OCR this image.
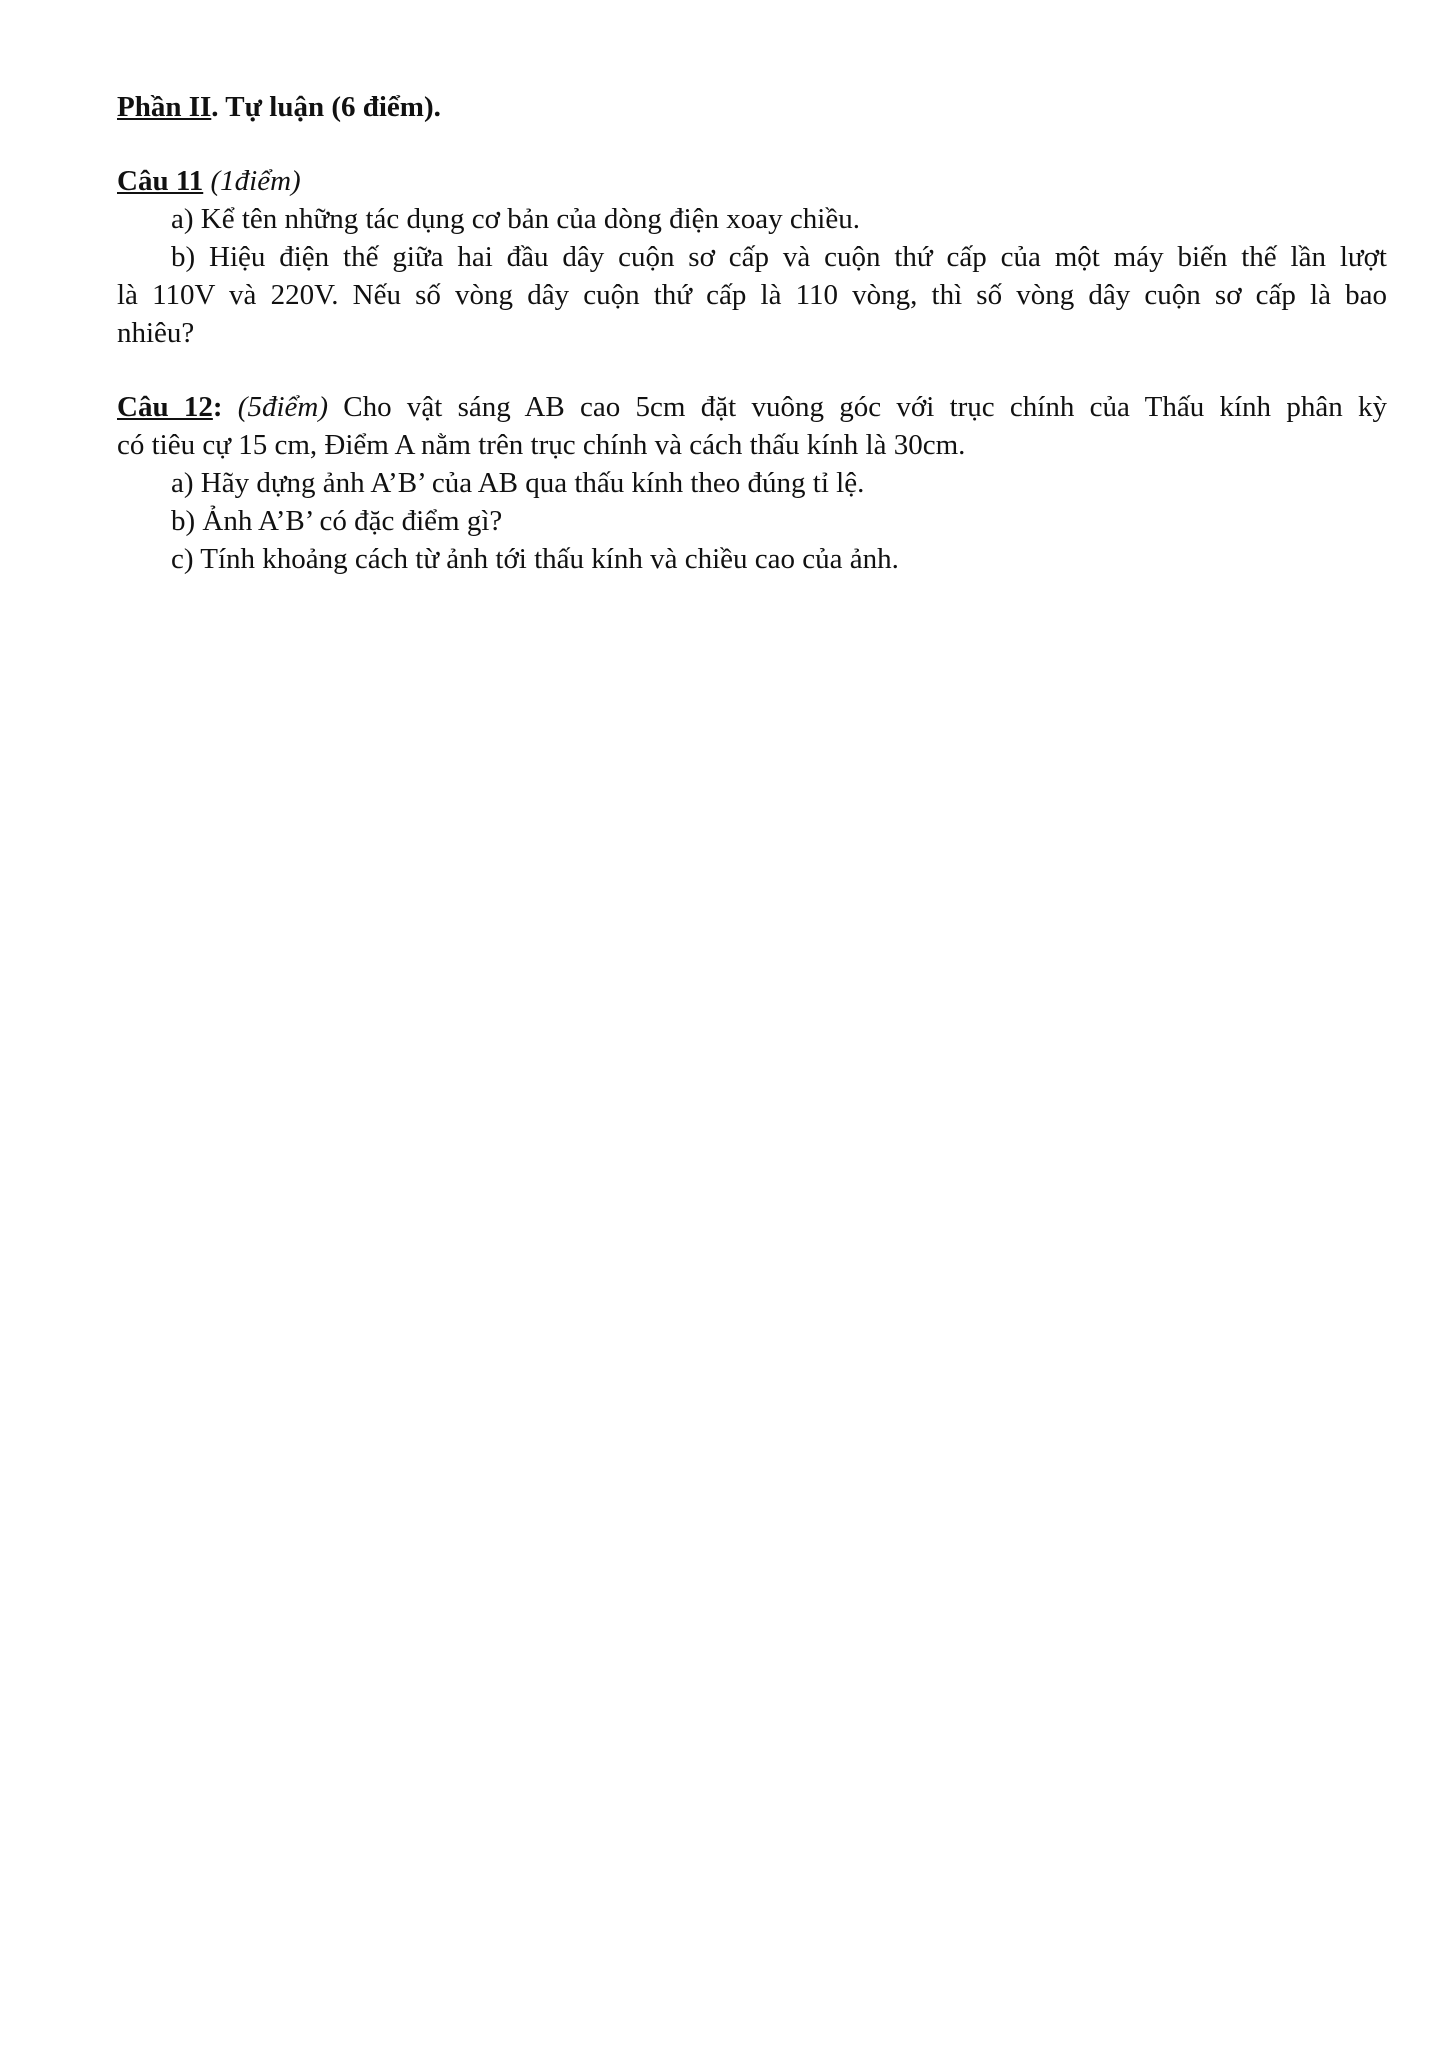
Phần II. Tự luận (6 điểm).

Câu 11 (1điểm)

a) Kể tên những tác dụng cơ bản của dòng điện xoay chiều.

b) Hiệu điện thế giữa hai đầu dây cuộn sơ cấp và cuộn thứ cấp của một máy biến thế lần lượt

là 110V và 220V. Nếu số vòng dây cuộn thứ cấp là 110 vòng, thì số vòng dây cuộn sơ cấp là bao

nhiêu?

Câu 12: (5điểm) Cho vật sáng AB cao 5cm đặt vuông góc với trục chính của Thấu kính phân kỳ

có tiêu cự 15 cm, Điểm A nằm trên trục chính và cách thấu kính là 30cm.

a) Hãy dựng ảnh A’B’ của AB qua thấu kính theo đúng tỉ lệ.

b) Ảnh A’B’ có đặc điểm gì?

c) Tính khoảng cách từ ảnh tới thấu kính và chiều cao của ảnh.
